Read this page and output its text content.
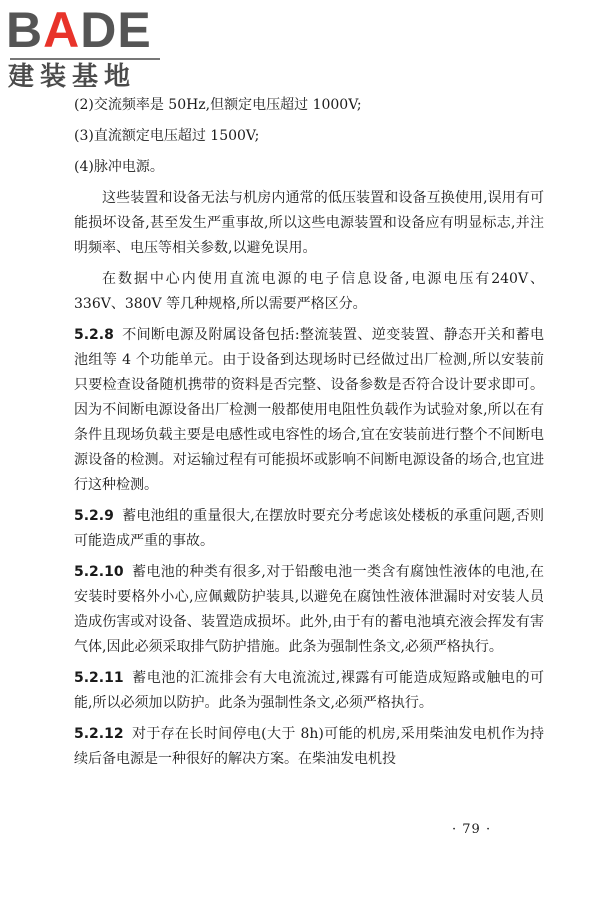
BADE
建装基地

(2)交流频率是 50Hz,但额定电压超过 1000V;

(3)直流额定电压超过 1500V;

(4)脉冲电源。

这些装置和设备无法与机房内通常的低压装置和设备互换使用,误用有可能损坏设备,甚至发生严重事故,所以这些电源装置和设备应有明显标志,并注明频率、电压等相关参数,以避免误用。

在数据中心内使用直流电源的电子信息设备,电源电压有240V、336V、380V 等几种规格,所以需要严格区分。

5.2.8 不间断电源及附属设备包括:整流装置、逆变装置、静态开关和蓄电池组等 4 个功能单元。由于设备到达现场时已经做过出厂检测,所以安装前只要检查设备随机携带的资料是否完整、设备参数是否符合设计要求即可。因为不间断电源设备出厂检测一般都使用电阻性负载作为试验对象,所以在有条件且现场负载主要是电感性或电容性的场合,宜在安装前进行整个不间断电源设备的检测。对运输过程有可能损坏或影响不间断电源设备的场合,也宜进行这种检测。

5.2.9 蓄电池组的重量很大,在摆放时要充分考虑该处楼板的承重问题,否则可能造成严重的事故。

5.2.10 蓄电池的种类有很多,对于铅酸电池一类含有腐蚀性液体的电池,在安装时要格外小心,应佩戴防护装具,以避免在腐蚀性液体泄漏时对安装人员造成伤害或对设备、装置造成损坏。此外,由于有的蓄电池填充液会挥发有害气体,因此必须采取排气防护措施。此条为强制性条文,必须严格执行。

5.2.11 蓄电池的汇流排会有大电流流过,裸露有可能造成短路或触电的可能,所以必须加以防护。此条为强制性条文,必须严格执行。

5.2.12 对于存在长时间停电(大于 8h)可能的机房,采用柴油发电机作为持续后备电源是一种很好的解决方案。在柴油发电机投

· 79 ·
